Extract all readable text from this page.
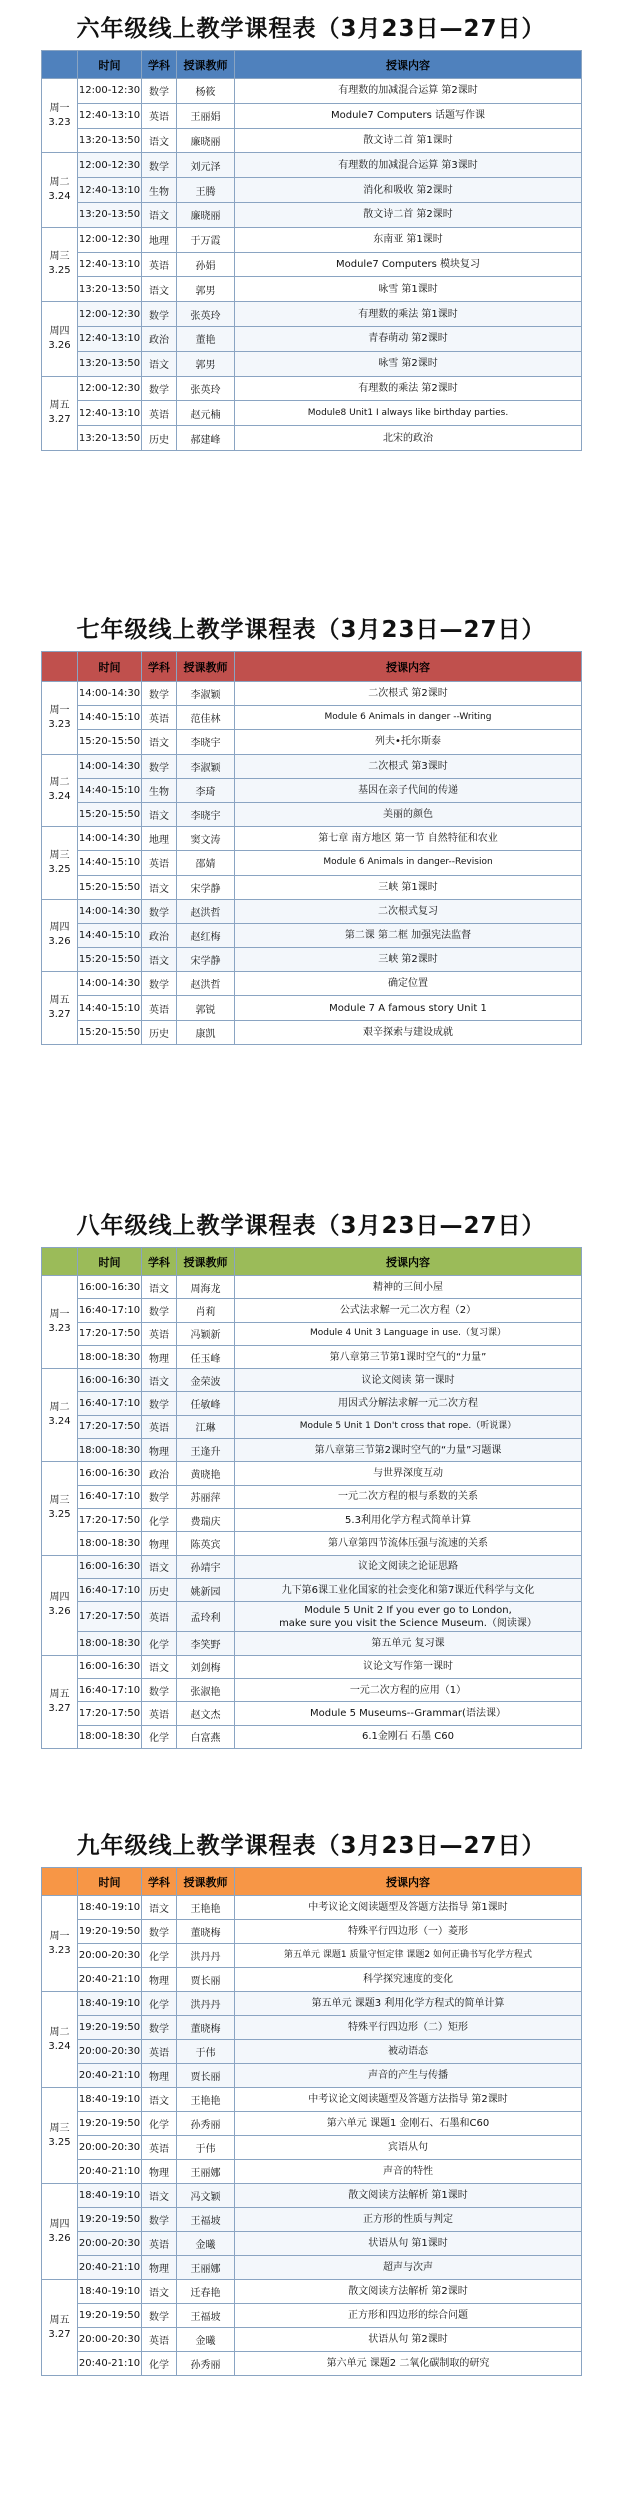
六年级线上教学课程表（3月23日—27日）

	时间	学科	授课教师	授课内容

周一
3.23	12:00-12:30	数学	杨筱	有理数的加减混合运算 第2课时

	12:40-13:10	英语	王丽娟	Module7 Computers 话题写作课

	13:20-13:50	语文	廉晓丽	散文诗二首 第1课时

周二
3.24	12:00-12:30	数学	刘元泽	有理数的加减混合运算 第3课时

	12:40-13:10	生物	王腾	消化和吸收 第2课时

	13:20-13:50	语文	廉晓丽	散文诗二首 第2课时

周三
3.25	12:00-12:30	地理	于万霞	东南亚 第1课时

	12:40-13:10	英语	孙娟	Module7 Computers 模块复习

	13:20-13:50	语文	郭男	咏雪 第1课时

周四
3.26	12:00-12:30	数学	张英玲	有理数的乘法 第1课时

	12:40-13:10	政治	董艳	青春萌动 第2课时

	13:20-13:50	语文	郭男	咏雪 第2课时

周五
3.27	12:00-12:30	数学	张英玲	有理数的乘法 第2课时

	12:40-13:10	英语	赵元楠	Module8 Unit1 I always like birthday parties.

	13:20-13:50	历史	郝建峰	北宋的政治
七年级线上教学课程表（3月23日—27日）

	时间	学科	授课教师	授课内容

周一
3.23	14:00-14:30	数学	李淑颖	二次根式 第2课时

	14:40-15:10	英语	范佳林	Module 6 Animals in danger --Writing

	15:20-15:50	语文	李晓宇	列夫•托尔斯泰

周二
3.24	14:00-14:30	数学	李淑颖	二次根式 第3课时

	14:40-15:10	生物	李琦	基因在亲子代间的传递

	15:20-15:50	语文	李晓宇	美丽的颜色

周三
3.25	14:00-14:30	地理	窦文涛	第七章 南方地区 第一节 自然特征和农业

	14:40-15:10	英语	邵婧	Module 6 Animals in danger--Revision

	15:20-15:50	语文	宋学静	三峡 第1课时

周四
3.26	14:00-14:30	数学	赵洪哲	二次根式复习

	14:40-15:10	政治	赵红梅	第二课 第二框 加强宪法监督

	15:20-15:50	语文	宋学静	三峡 第2课时

周五
3.27	14:00-14:30	数学	赵洪哲	确定位置

	14:40-15:10	英语	郭锐	Module 7 A famous story Unit 1

	15:20-15:50	历史	康凯	艰辛探索与建设成就
八年级线上教学课程表（3月23日—27日）

	时间	学科	授课教师	授课内容

周一
3.23	16:00-16:30	语文	周海龙	精神的三间小屋

	16:40-17:10	数学	肖莉	公式法求解一元二次方程（2）

	17:20-17:50	英语	冯颖新	Module 4 Unit 3 Language in use.（复习课）

	18:00-18:30	物理	任玉峰	第八章第三节第1课时空气的“力量”

周二
3.24	16:00-16:30	语文	金荣波	议论文阅读 第一课时

	16:40-17:10	数学	任敏峰	用因式分解法求解一元二次方程

	17:20-17:50	英语	江琳	Module 5 Unit 1 Don't cross that rope.（听说课）

	18:00-18:30	物理	王逢升	第八章第三节第2课时空气的“力量”习题课

周三
3.25	16:00-16:30	政治	黄晓艳	与世界深度互动

	16:40-17:10	数学	苏丽萍	一元二次方程的根与系数的关系

	17:20-17:50	化学	费瑞庆	5.3利用化学方程式简单计算

	18:00-18:30	物理	陈英宾	第八章第四节流体压强与流速的关系

周四
3.26	16:00-16:30	语文	孙靖宇	议论文阅读之论证思路

	16:40-17:10	历史	姚新园	九下第6课工业化国家的社会变化和第7课近代科学与文化

	17:20-17:50	英语	孟玲利	Module 5 Unit 2 If you ever go to London,
make sure you visit the Science Museum.（阅读课）

	18:00-18:30	化学	李笑野	第五单元 复习课

周五
3.27	16:00-16:30	语文	刘剑梅	议论文写作第一课时

	16:40-17:10	数学	张淑艳	一元二次方程的应用（1）

	17:20-17:50	英语	赵文杰	Module 5 Museums--Grammar(语法课）

	18:00-18:30	化学	白富燕	6.1金刚石 石墨 C60
九年级线上教学课程表（3月23日—27日）

	时间	学科	授课教师	授课内容

周一
3.23	18:40-19:10	语文	王艳艳	中考议论文阅读题型及答题方法指导 第1课时

	19:20-19:50	数学	董晓梅	特殊平行四边形（一）菱形

	20:00-20:30	化学	洪丹丹	第五单元 课题1 质量守恒定律 课题2 如何正确书写化学方程式

	20:40-21:10	物理	贾长丽	科学探究速度的变化

周二
3.24	18:40-19:10	化学	洪丹丹	第五单元 课题3 利用化学方程式的简单计算

	19:20-19:50	数学	董晓梅	特殊平行四边形（二）矩形

	20:00-20:30	英语	于伟	被动语态

	20:40-21:10	物理	贾长丽	声音的产生与传播

周三
3.25	18:40-19:10	语文	王艳艳	中考议论文阅读题型及答题方法指导 第2课时

	19:20-19:50	化学	孙秀丽	第六单元 课题1 金刚石、石墨和C60

	20:00-20:30	英语	于伟	宾语从句

	20:40-21:10	物理	王丽娜	声音的特性

周四
3.26	18:40-19:10	语文	冯文颖	散文阅读方法解析 第1课时

	19:20-19:50	数学	王福坡	正方形的性质与判定

	20:00-20:30	英语	金曦	状语从句 第1课时

	20:40-21:10	物理	王丽娜	超声与次声

周五
3.27	18:40-19:10	语文	迁春艳	散文阅读方法解析 第2课时

	19:20-19:50	数学	王福坡	正方形和四边形的综合问题

	20:00-20:30	英语	金曦	状语从句 第2课时

	20:40-21:10	化学	孙秀丽	第六单元 课题2 二氧化碳制取的研究
